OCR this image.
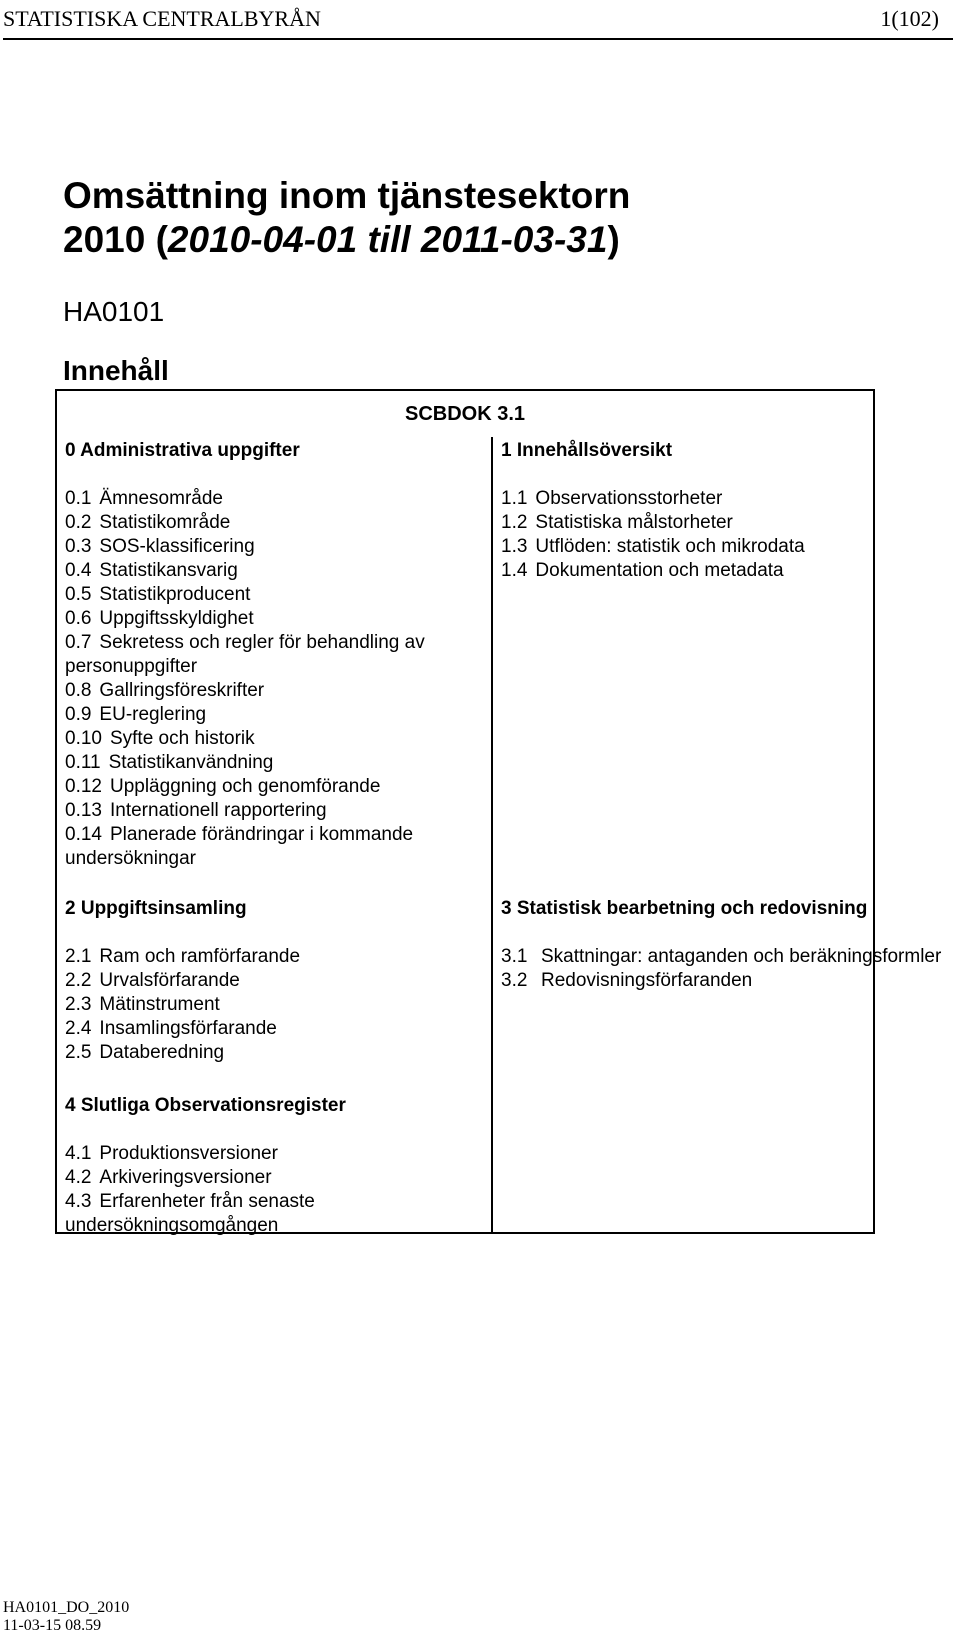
STATISTISKA CENTRALBYRÅN	1(102)
Omsättning inom tjänstesektorn
2010 (2010-04-01 till 2011-03-31)
HA0101
Innehåll
SCBDOK 3.1
0 Administrativa uppgifter
0.1 Ämnesområde
0.2 Statistikområde
0.3 SOS-klassificering
0.4 Statistikansvarig
0.5 Statistikproducent
0.6 Uppgiftsskyldighet
0.7 Sekretess och regler för behandling av personuppgifter
0.8 Gallringsföreskrifter
0.9 EU-reglering
0.10 Syfte och historik
0.11 Statistikanvändning
0.12 Uppläggning och genomförande
0.13 Internationell rapportering
0.14 Planerade förändringar i kommande undersökningar
1 Innehållsöversikt
1.1 Observationsstorheter
1.2 Statistiska målstorheter
1.3 Utflöden: statistik och mikrodata
1.4 Dokumentation och metadata
2 Uppgiftsinsamling
2.1 Ram och ramförfarande
2.2 Urvalsförfarande
2.3 Mätinstrument
2.4 Insamlingsförfarande
2.5 Databeredning
3 Statistisk bearbetning och redovisning
3.1 Skattningar: antaganden och beräkningsformler
3.2 Redovisningsförfaranden
4 Slutliga Observationsregister
4.1 Produktionsversioner
4.2 Arkiveringsversioner
4.3 Erfarenheter från senaste undersökningsomgången
HA0101_DO_2010
11-03-15 08.59
